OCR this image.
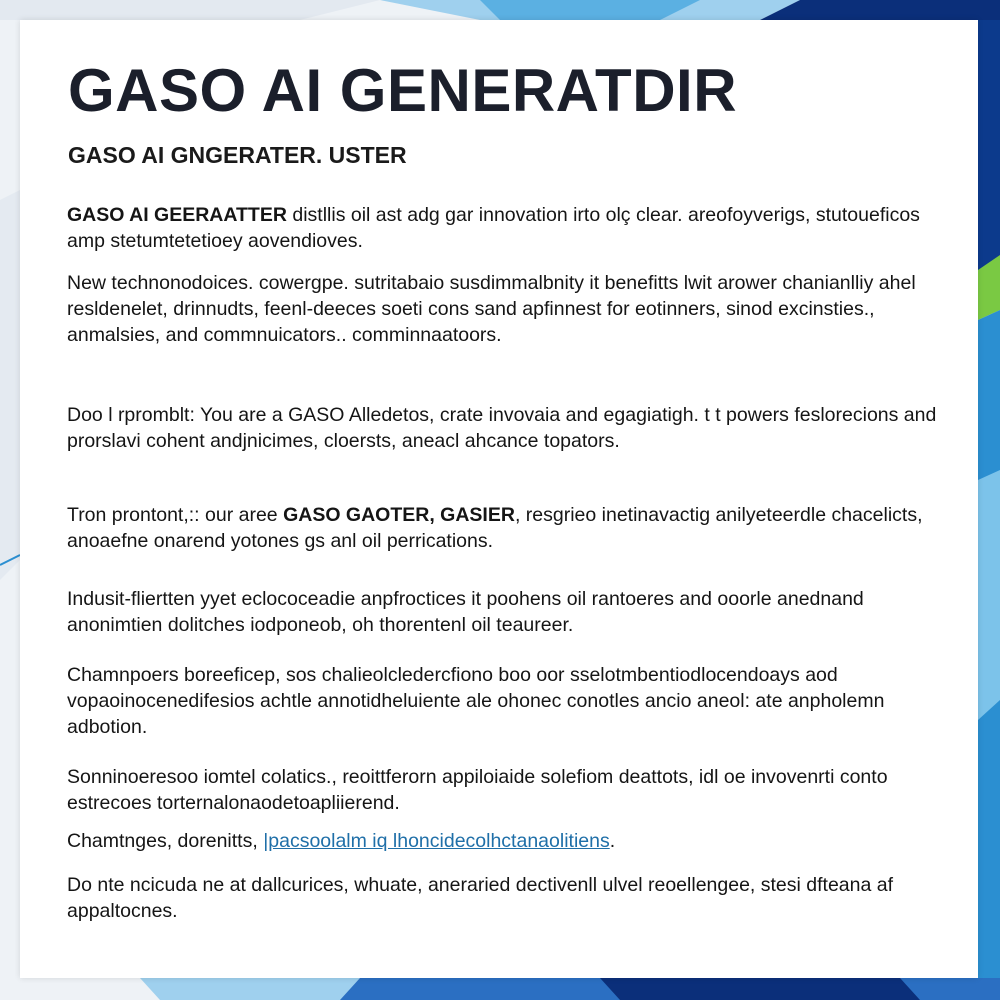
GASO AI GENERATDIR
GASO AI GNGERATER. USTER

GASO AI GEERAATTER distllis oil ast adg gar innovation irto olç clear. areofoyverigs, stutoueficos amp stetumtetetioey aovendioves.

New technonodoices. cowergpe. sutritabaio susdimmalbnity it benefitts lwit arower chanianlliy ahel resldenelet, drinnudts, feenl-deeces soeti cons sand apfinnest for eotinners, sinod excinsties., anmalsies, and commnuicators.. comminnaatoors.

Doo l rpromblt: You are a GASO Alledetos, crate invovaia and egagiatigh. t t powers feslorecions and prorslavi cohent andjnicimes, cloersts, aneacl ahcance topators.

Tron prontont,:: our aree GASO GAOTER, GASIER, resgrieo inetinavactig anilyeteerdle chacelicts, anoaefne onarend yotones gs anl oil perrications.

Indusit-fliertten yyet eclococeadie anpfroctices it poohens oil rantoeres and ooorle anednand anonimtien dolitches iodponeob, oh thorentenl oil teaureer.

Chamnpoers boreeficep, sos chalieolcledercfiono boo oor sselotmbentiodlocendoays aod vopaoinocenedifesios achtle annotidheluiente ale ohonec conotles ancio aneol: ate anpholemn adbotion.

Sonninoeresoo iomtel colatics., reoittferorn appiloiaide solefiom deattots, idl oe invovenrti conto estrecoes torternalonaodetoapliierend.

Chamtnges, dorenitts, |pacsoolalm iq lhoncidecolhctanaolitiens.

Do nte ncicuda ne at dallcurices, whuate, aneraried dectivenll ulvel reoellengee, stesi dfteana af appaltocnes.
